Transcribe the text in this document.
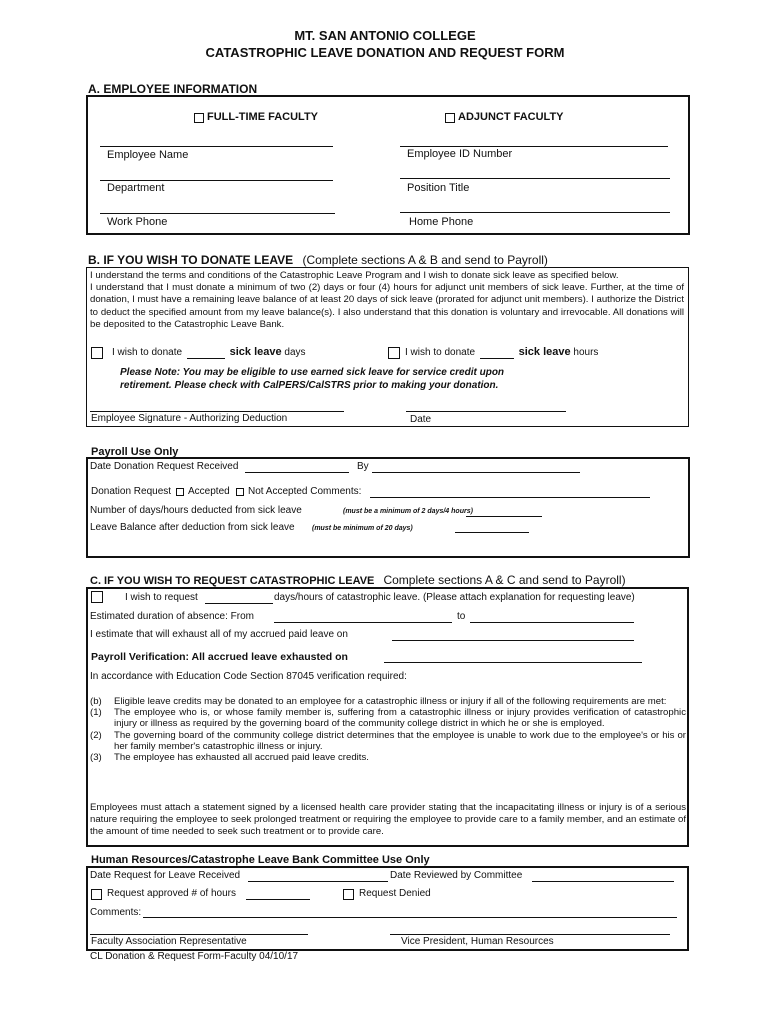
MT. SAN ANTONIO COLLEGE
CATASTROPHIC LEAVE DONATION AND REQUEST FORM
A. EMPLOYEE INFORMATION
FULL-TIME FACULTY	ADJUNCT FACULTY
Employee Name	Employee ID Number
Department	Position Title
Work Phone	Home Phone
B. IF YOU WISH TO DONATE LEAVE (Complete sections A & B and send to Payroll)

I understand the terms and conditions of the Catastrophic Leave Program and I wish to donate sick leave as specified below.

I understand that I must donate a minimum of two (2) days or four (4) hours for adjunct unit members of sick leave. Further, at the time of donation, I must have a remaining leave balance of at least 20 days of sick leave (prorated for adjunct unit members). I authorize the District to deduct the specified amount from my leave balance(s). I also understand that this donation is voluntary and irrevocable. All donations will be deposited to the Catastrophic Leave Bank.

I wish to donate	sick leave days	I wish to donate	sick leave hours
Please Note: You may be eligible to use earned sick leave for service credit upon
retirement. Please check with CalPERS/CalSTRS prior to making your donation.
Employee Signature - Authorizing Deduction	Date
Payroll Use Only
Date Donation Request Received	By
Donation Request Accepted Not Accepted Comments:
Number of days/hours deducted from sick leave	(must be a minimum of 2 days/4 hours)
Leave Balance after deduction from sick leave (must be minimum of 20 days)
C. IF YOU WISH TO REQUEST CATASTROPHIC LEAVE Complete sections A & C and send to Payroll)
I wish to request	days/hours of catastrophic leave. (Please attach explanation for requesting leave)
Estimated duration of absence: From	to
I estimate that will exhaust all of my accrued paid leave on
Payroll Verification: All accrued leave exhausted on
In accordance with Education Code Section 87045 verification required:
(b)	Eligible leave credits may be donated to an employee for a catastrophic illness or injury if all of the following requirements are met:
(1)	The employee who is, or whose family member is, suffering from a catastrophic illness or injury provides verification of catastrophic injury or illness as required by the governing board of the community college district in which he or she is employed.
(2)	The governing board of the community college district determines that the employee is unable to work due to the employee's or his or her family member's catastrophic illness or injury.
(3)	The employee has exhausted all accrued paid leave credits.
Employees must attach a statement signed by a licensed health care provider stating that the incapacitating illness or injury is of a serious nature requiring the employee to seek prolonged treatment or requiring the employee to provide care to a family member, and an estimate of the amount of time needed to seek such treatment or to provide care.
Human Resources/Catastrophe Leave Bank Committee Use Only
Date Request for Leave Received	Date Reviewed by Committee
Request approved # of hours	Request Denied
Comments:
Faculty Association Representative	Vice President, Human Resources
CL Donation & Request Form-Faculty 04/10/17
